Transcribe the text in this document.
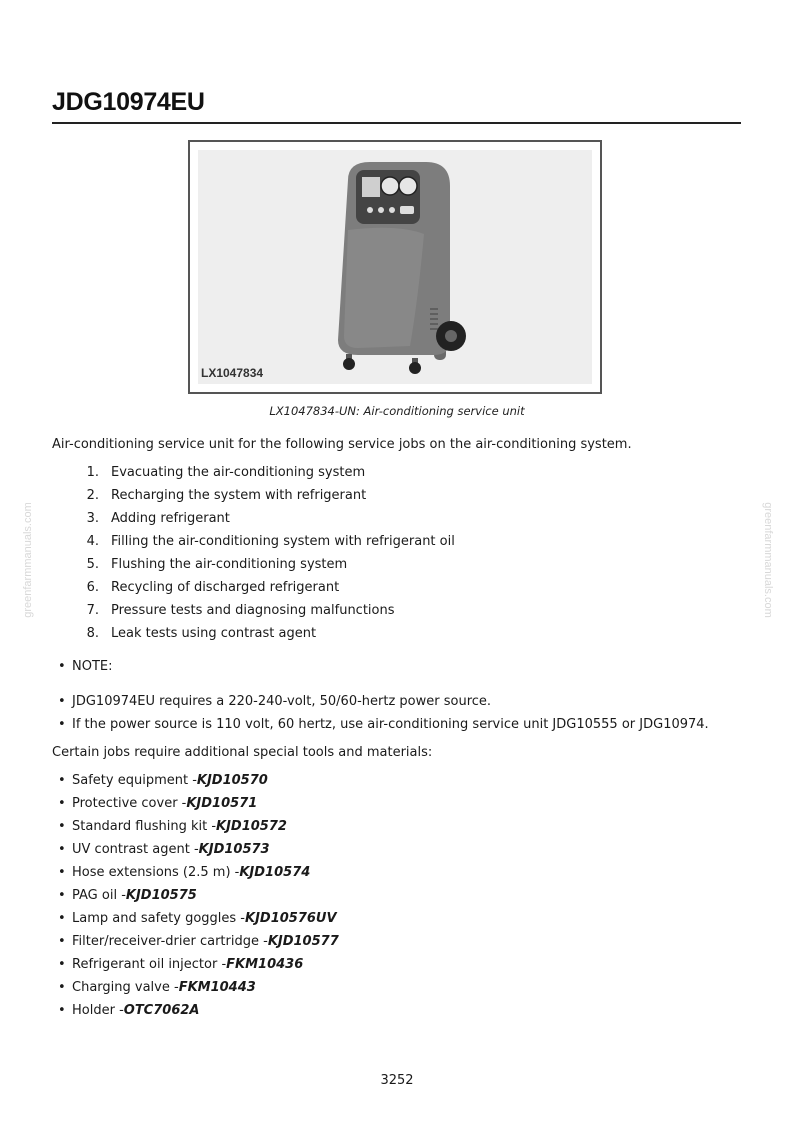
JDG10974EU
LX1047834
LX1047834-UN: Air-conditioning service unit
Air-conditioning service unit for the following service jobs on the air-conditioning system.
1. Evacuating the air-conditioning system
2. Recharging the system with refrigerant
3. Adding refrigerant
4. Filling the air-conditioning system with refrigerant oil
5. Flushing the air-conditioning system
6. Recycling of discharged refrigerant
7. Pressure tests and diagnosing malfunctions
8. Leak tests using contrast agent
• NOTE:
• JDG10974EU requires a 220-240-volt, 50/60-hertz power source.
• If the power source is 110 volt, 60 hertz, use air-conditioning service unit JDG10555 or JDG10974.
Certain jobs require additional special tools and materials:
• Safety equipment -KJD10570
• Protective cover -KJD10571
• Standard flushing kit -KJD10572
• UV contrast agent -KJD10573
• Hose extensions (2.5 m) -KJD10574
• PAG oil -KJD10575
• Lamp and safety goggles -KJD10576UV
• Filter/receiver-drier cartridge -KJD10577
• Refrigerant oil injector -FKM10436
• Charging valve -FKM10443
• Holder -OTC7062A
3252
greenfarmmanuals.com	greenfarmmanuals.com
